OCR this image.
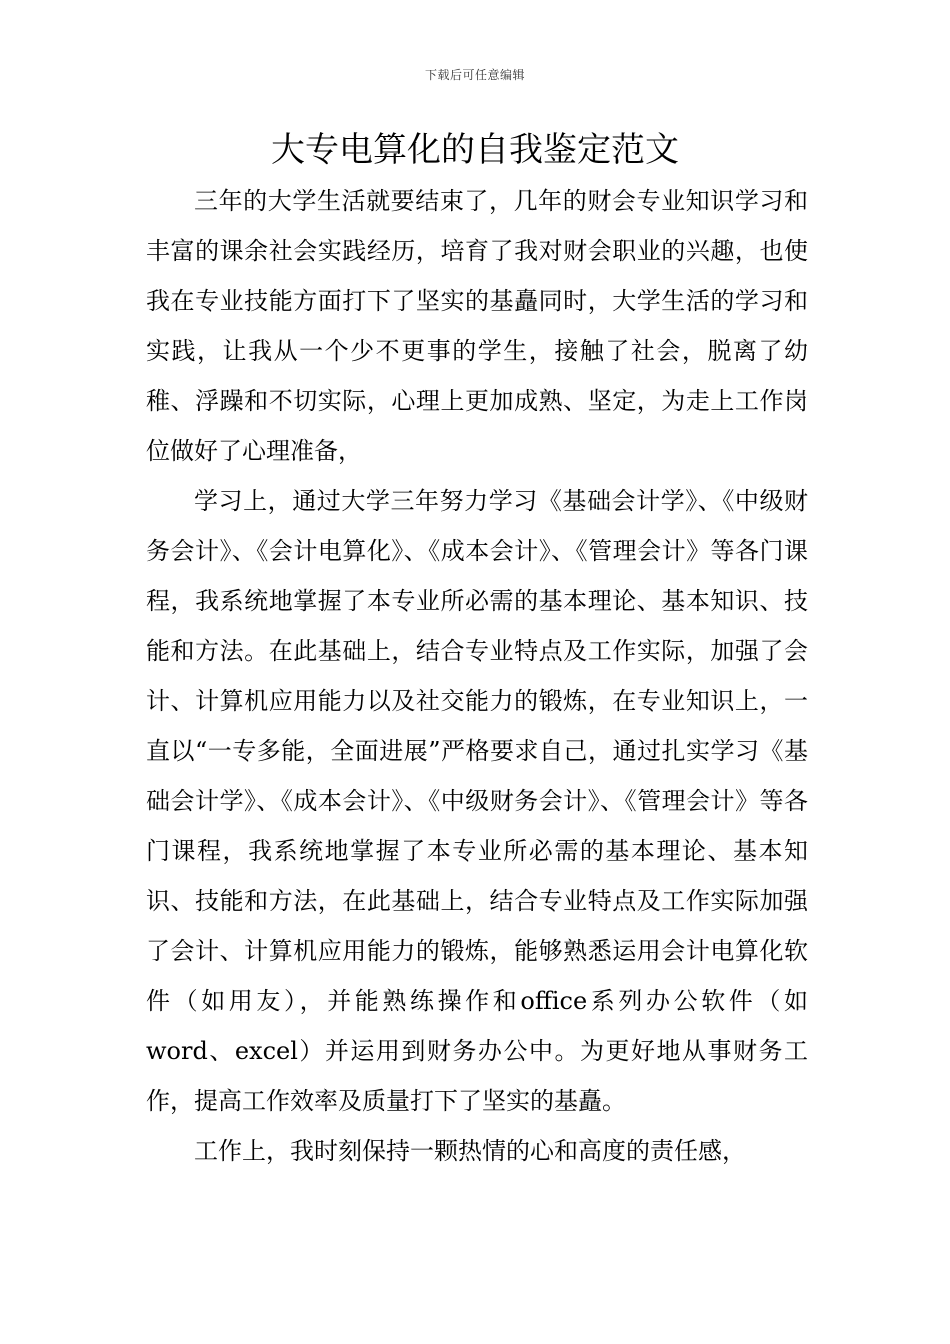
下载后可任意编辑
大专电算化的自我鉴定范文

三年的大学生活就要结束了，几年的财会专业知识学习和丰富的课余社会实践经历，培育了我对财会职业的兴趣，也使我在专业技能方面打下了坚实的基矗同时，大学生活的学习和实践，让我从一个少不更事的学生，接触了社会，脱离了幼稚、浮躁和不切实际，心理上更加成熟、坚定，为走上工作岗位做好了心理准备，

学习上，通过大学三年努力学习《基础会计学》、《中级财务会计》、《会计电算化》、《成本会计》、《管理会计》等各门课程，我系统地掌握了本专业所必需的基本理论、基本知识、技能和方法。在此基础上，结合专业特点及工作实际，加强了会计、计算机应用能力以及社交能力的锻炼，在专业知识上，一直以“一专多能，全面进展”严格要求自己，通过扎实学习《基础会计学》、《成本会计》、《中级财务会计》、《管理会计》等各门课程，我系统地掌握了本专业所必需的基本理论、基本知识、技能和方法，在此基础上，结合专业特点及工作实际加强了会计、计算机应用能力的锻炼，能够熟悉运用会计电算化软件（如用友），并能熟练操作和office系列办公软件（如word、excel）并运用到财务办公中。为更好地从事财务工作，提高工作效率及质量打下了坚实的基矗。

工作上，我时刻保持一颗热情的心和高度的责任感，
